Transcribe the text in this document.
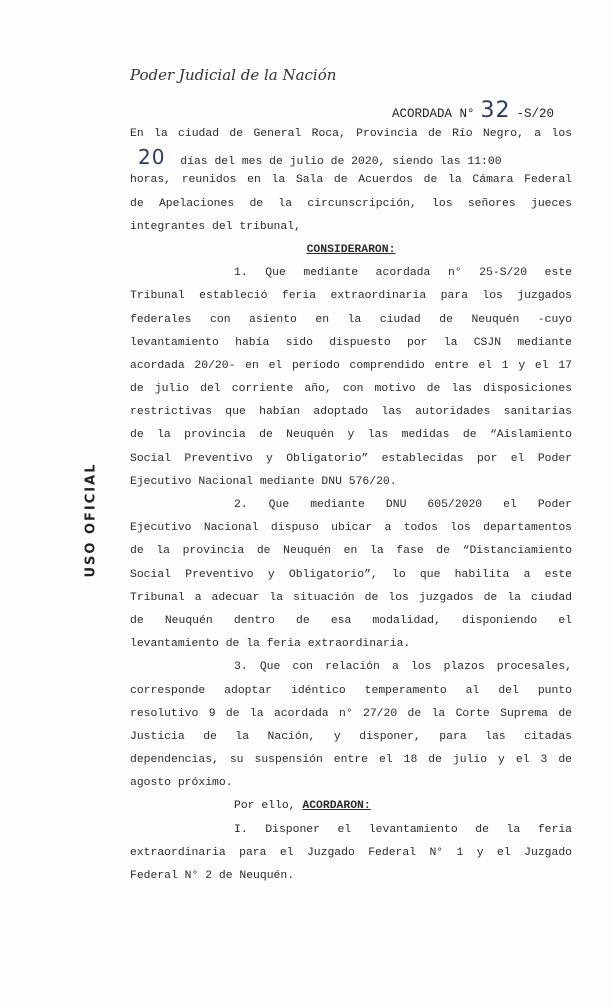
Poder Judicial de la Nación
USO OFICIAL
ACORDADA N° 32 -S/20
En la ciudad de General Roca, Provincia de Río Negro, a los
20 días del mes de julio de 2020, siendo las 11:00
horas, reunidos en la Sala de Acuerdos de la Cámara Federal
de Apelaciones de la circunscripción, los señores jueces
integrantes del tribunal,
CONSIDERARON:
1. Que mediante acordada n° 25-S/20 este
Tribunal estableció feria extraordinaria para los juzgados
federales con asiento en la ciudad de Neuquén -cuyo
levantamiento había sido dispuesto por la CSJN mediante
acordada 20/20- en el período comprendido entre el 1 y el 17
de julio del corriente año, con motivo de las disposiciones
restrictivas que habían adoptado las autoridades sanitarias
de la provincia de Neuquén y las medidas de “Aislamiento
Social Preventivo y Obligatorio” establecidas por el Poder
Ejecutivo Nacional mediante DNU 576/20.
2. Que mediante DNU 605/2020 el Poder
Ejecutivo Nacional dispuso ubicar a todos los departamentos
de la provincia de Neuquén en la fase de “Distanciamiento
Social Preventivo y Obligatorio”, lo que habilita a este
Tribunal a adecuar la situación de los juzgados de la ciudad
de Neuquén dentro de esa modalidad, disponiendo el
levantamiento de la feria extraordinaria.
3. Que con relación a los plazos procesales,
corresponde adoptar idéntico temperamento al del punto
resolutivo 9 de la acordada n° 27/20 de la Corte Suprema de
Justicia de la Nación, y disponer, para las citadas
dependencias, su suspensión entre el 18 de julio y el 3 de
agosto próximo.
Por ello, ACORDARON:
I. Disponer el levantamiento de la feria
extraordinaria para el Juzgado Federal N° 1 y el Juzgado
Federal N° 2 de Neuquén.
